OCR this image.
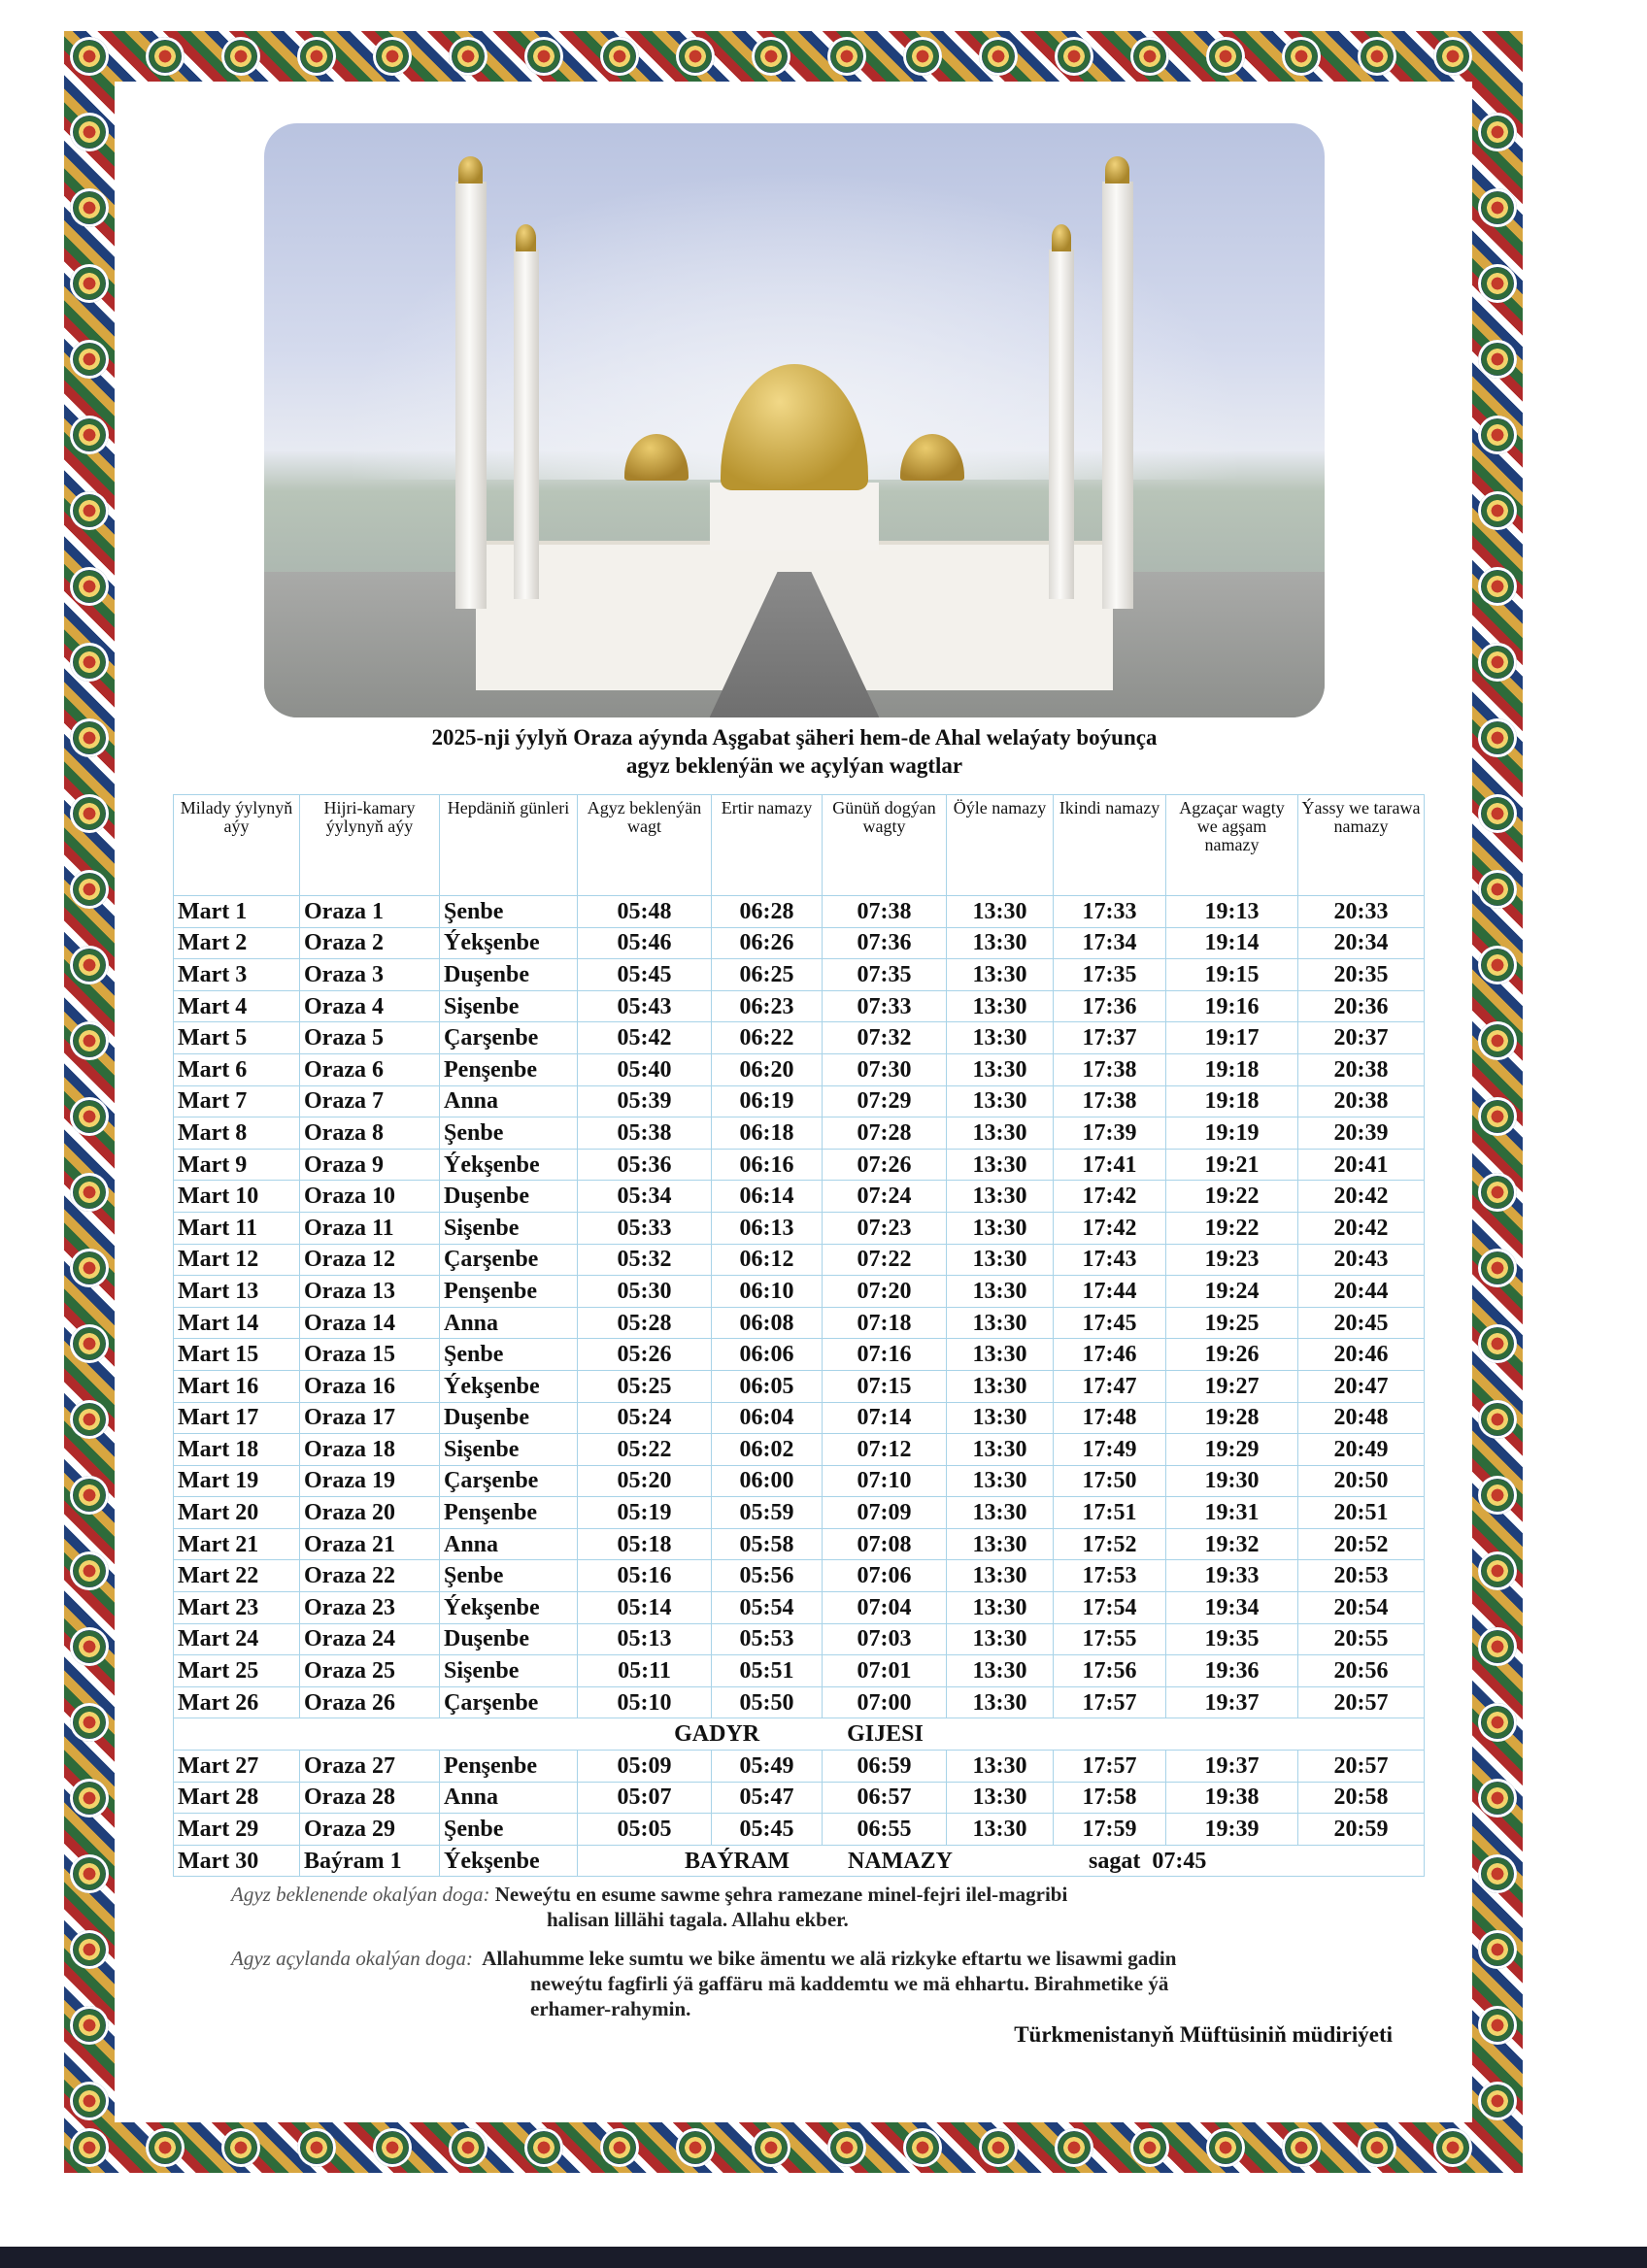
2025-nji ýylyň Oraza aýynda Aşgabat şäheri hem-de Ahal welaýaty boýunça
agyz beklenýän we açylýan wagtlar
Milady ýylynyň aýy	Hijri-kamary ýylynyň aýy	Hepdäniň günleri	Agyz beklenýän wagt	Ertir namazy	Günüň dogýan wagty	Öýle namazy	Ikindi namazy	Agzaçar wagty we agşam namazy	Ýassy we tarawa namazy
Mart 1	Oraza 1	Şenbe	05:48	06:28	07:38	13:30	17:33	19:13	20:33
Mart 2	Oraza 2	Ýekşenbe	05:46	06:26	07:36	13:30	17:34	19:14	20:34
Mart 3	Oraza 3	Duşenbe	05:45	06:25	07:35	13:30	17:35	19:15	20:35
Mart 4	Oraza 4	Sişenbe	05:43	06:23	07:33	13:30	17:36	19:16	20:36
Mart 5	Oraza 5	Çarşenbe	05:42	06:22	07:32	13:30	17:37	19:17	20:37
Mart 6	Oraza 6	Penşenbe	05:40	06:20	07:30	13:30	17:38	19:18	20:38
Mart 7	Oraza 7	Anna	05:39	06:19	07:29	13:30	17:38	19:18	20:38
Mart 8	Oraza 8	Şenbe	05:38	06:18	07:28	13:30	17:39	19:19	20:39
Mart 9	Oraza 9	Ýekşenbe	05:36	06:16	07:26	13:30	17:41	19:21	20:41
Mart 10	Oraza 10	Duşenbe	05:34	06:14	07:24	13:30	17:42	19:22	20:42
Mart 11	Oraza 11	Sişenbe	05:33	06:13	07:23	13:30	17:42	19:22	20:42
Mart 12	Oraza 12	Çarşenbe	05:32	06:12	07:22	13:30	17:43	19:23	20:43
Mart 13	Oraza 13	Penşenbe	05:30	06:10	07:20	13:30	17:44	19:24	20:44
Mart 14	Oraza 14	Anna	05:28	06:08	07:18	13:30	17:45	19:25	20:45
Mart 15	Oraza 15	Şenbe	05:26	06:06	07:16	13:30	17:46	19:26	20:46
Mart 16	Oraza 16	Ýekşenbe	05:25	06:05	07:15	13:30	17:47	19:27	20:47
Mart 17	Oraza 17	Duşenbe	05:24	06:04	07:14	13:30	17:48	19:28	20:48
Mart 18	Oraza 18	Sişenbe	05:22	06:02	07:12	13:30	17:49	19:29	20:49
Mart 19	Oraza 19	Çarşenbe	05:20	06:00	07:10	13:30	17:50	19:30	20:50
Mart 20	Oraza 20	Penşenbe	05:19	05:59	07:09	13:30	17:51	19:31	20:51
Mart 21	Oraza 21	Anna	05:18	05:58	07:08	13:30	17:52	19:32	20:52
Mart 22	Oraza 22	Şenbe	05:16	05:56	07:06	13:30	17:53	19:33	20:53
Mart 23	Oraza 23	Ýekşenbe	05:14	05:54	07:04	13:30	17:54	19:34	20:54
Mart 24	Oraza 24	Duşenbe	05:13	05:53	07:03	13:30	17:55	19:35	20:55
Mart 25	Oraza 25	Sişenbe	05:11	05:51	07:01	13:30	17:56	19:36	20:56
Mart 26	Oraza 26	Çarşenbe	05:10	05:50	07:00	13:30	17:57	19:37	20:57
GADYR GIJESI									
Mart 27	Oraza 27	Penşenbe	05:09	05:49	06:59	13:30	17:57	19:37	20:57
Mart 28	Oraza 28	Anna	05:07	05:47	06:57	13:30	17:58	19:38	20:58
Mart 29	Oraza 29	Şenbe	05:05	05:45	06:55	13:30	17:59	19:39	20:59
Mart 30	Baýram 1	Ýekşenbe	BAÝRAM NAMAZY sagat  07:45						
Agyz beklenende okalýan doga: Neweýtu en esume sawme şehra ramezane minel-fejri ilel-magribi
halisan lillähi tagala. Allahu ekber.
Agyz açylanda okalýan doga: Allahumme leke sumtu we bike ämentu we alä rizkyke eftartu we lisawmi gadin
neweýtu fagfirli ýä gaffäru mä kaddemtu we mä ehhartu. Birahmetike ýä
erhamer-rahymin.
Türkmenistanyň Müftüsiniň müdiriýeti
